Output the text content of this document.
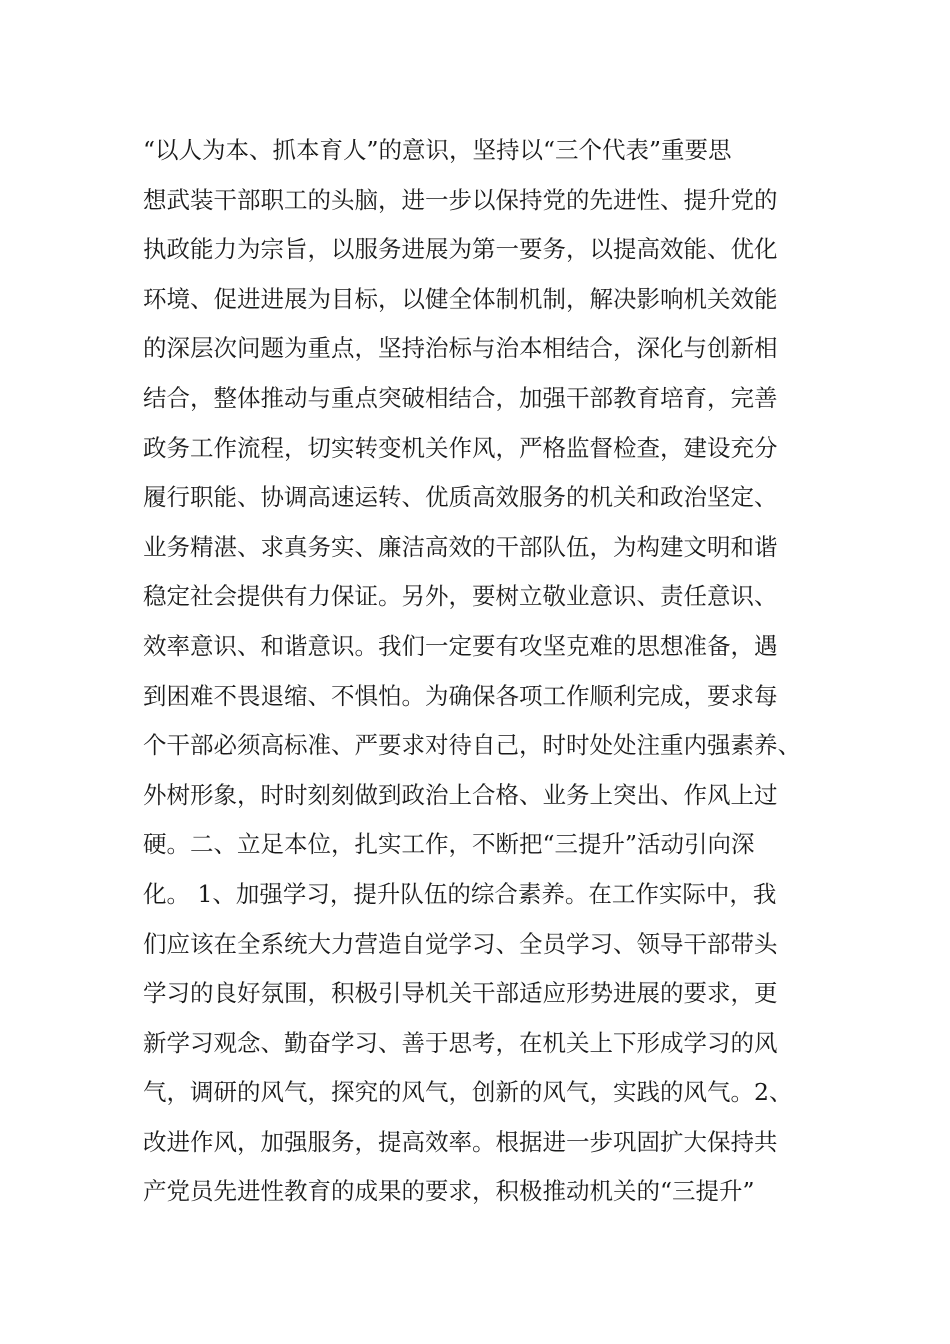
“以人为本、抓本育人”的意识，坚持以“三个代表”重要思
想武装干部职工的头脑，进一步以保持党的先进性、提升党的
执政能力为宗旨，以服务进展为第一要务，以提高效能、优化
环境、促进进展为目标，以健全体制机制，解决影响机关效能
的深层次问题为重点，坚持治标与治本相结合，深化与创新相
结合，整体推动与重点突破相结合，加强干部教育培育，完善
政务工作流程，切实转变机关作风，严格监督检查，建设充分
履行职能、协调高速运转、优质高效服务的机关和政治坚定、
业务精湛、求真务实、廉洁高效的干部队伍，为构建文明和谐
稳定社会提供有力保证。另外，要树立敬业意识、责任意识、
效率意识、和谐意识。我们一定要有攻坚克难的思想准备，遇
到困难不畏退缩、不惧怕。为确保各项工作顺利完成，要求每
个干部必须高标准、严要求对待自己，时时处处注重内强素养、
外树形象，时时刻刻做到政治上合格、业务上突出、作风上过
硬。二、立足本位，扎实工作，不断把“三提升”活动引向深
化。 1、加强学习，提升队伍的综合素养。在工作实际中，我
们应该在全系统大力营造自觉学习、全员学习、领导干部带头
学习的良好氛围，积极引导机关干部适应形势进展的要求，更
新学习观念、勤奋学习、善于思考，在机关上下形成学习的风
气，调研的风气，探究的风气，创新的风气，实践的风气。2、
改进作风，加强服务，提高效率。根据进一步巩固扩大保持共
产党员先进性教育的成果的要求，积极推动机关的“三提升”
